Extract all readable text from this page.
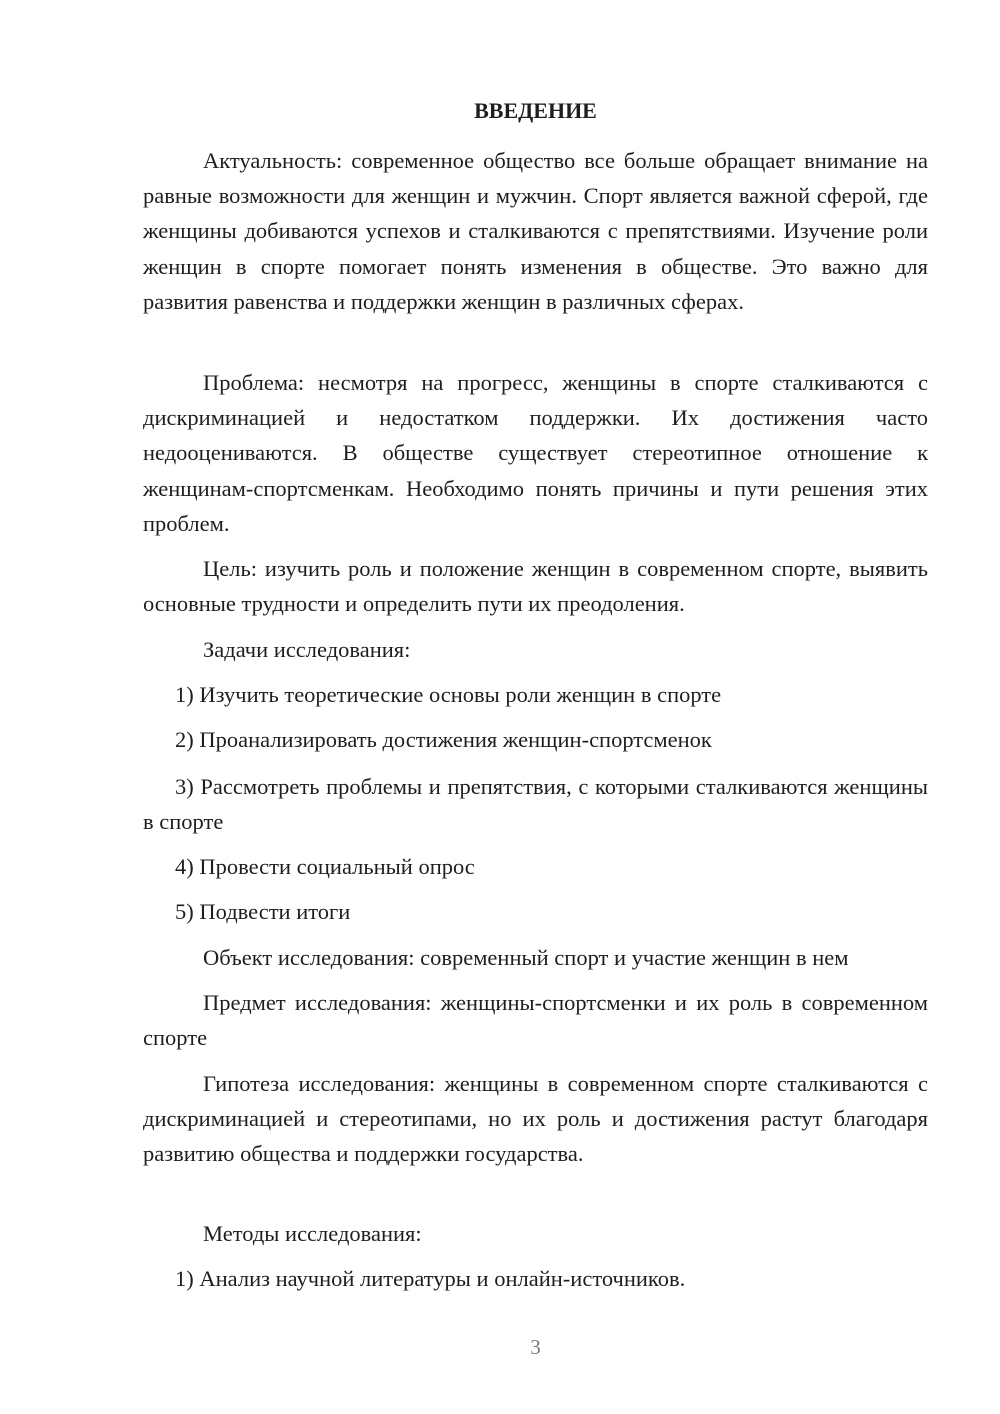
ВВЕДЕНИЕ

Актуальность: современное общество все больше обращает внимание на равные возможности для женщин и мужчин. Спорт является важной сферой, где женщины добиваются успехов и сталкиваются с препятствиями. Изучение роли женщин в спорте помогает понять изменения в обществе. Это важно для развития равенства и поддержки женщин в различных сферах.

Проблема: несмотря на прогресс, женщины в спорте сталкиваются с дискриминацией и недостатком поддержки. Их достижения часто недооцениваются. В обществе существует стереотипное отношение к женщинам-спортсменкам. Необходимо понять причины и пути решения этих проблем.

Цель: изучить роль и положение женщин в современном спорте, выявить основные трудности и определить пути их преодоления.

Задачи исследования:

1) Изучить теоретические основы роли женщин в спорте

2) Проанализировать достижения женщин-спортсменок

3) Рассмотреть проблемы и препятствия, с которыми сталкиваются женщины в спорте

4) Провести социальный опрос

5) Подвести итоги

Объект исследования: современный спорт и участие женщин в нем

Предмет исследования: женщины-спортсменки и их роль в современном спорте

Гипотеза исследования: женщины в современном спорте сталкиваются с дискриминацией и стереотипами, но их роль и достижения растут благодаря развитию общества и поддержки государства.

Методы исследования:

1) Анализ научной литературы и онлайн-источников.

3
